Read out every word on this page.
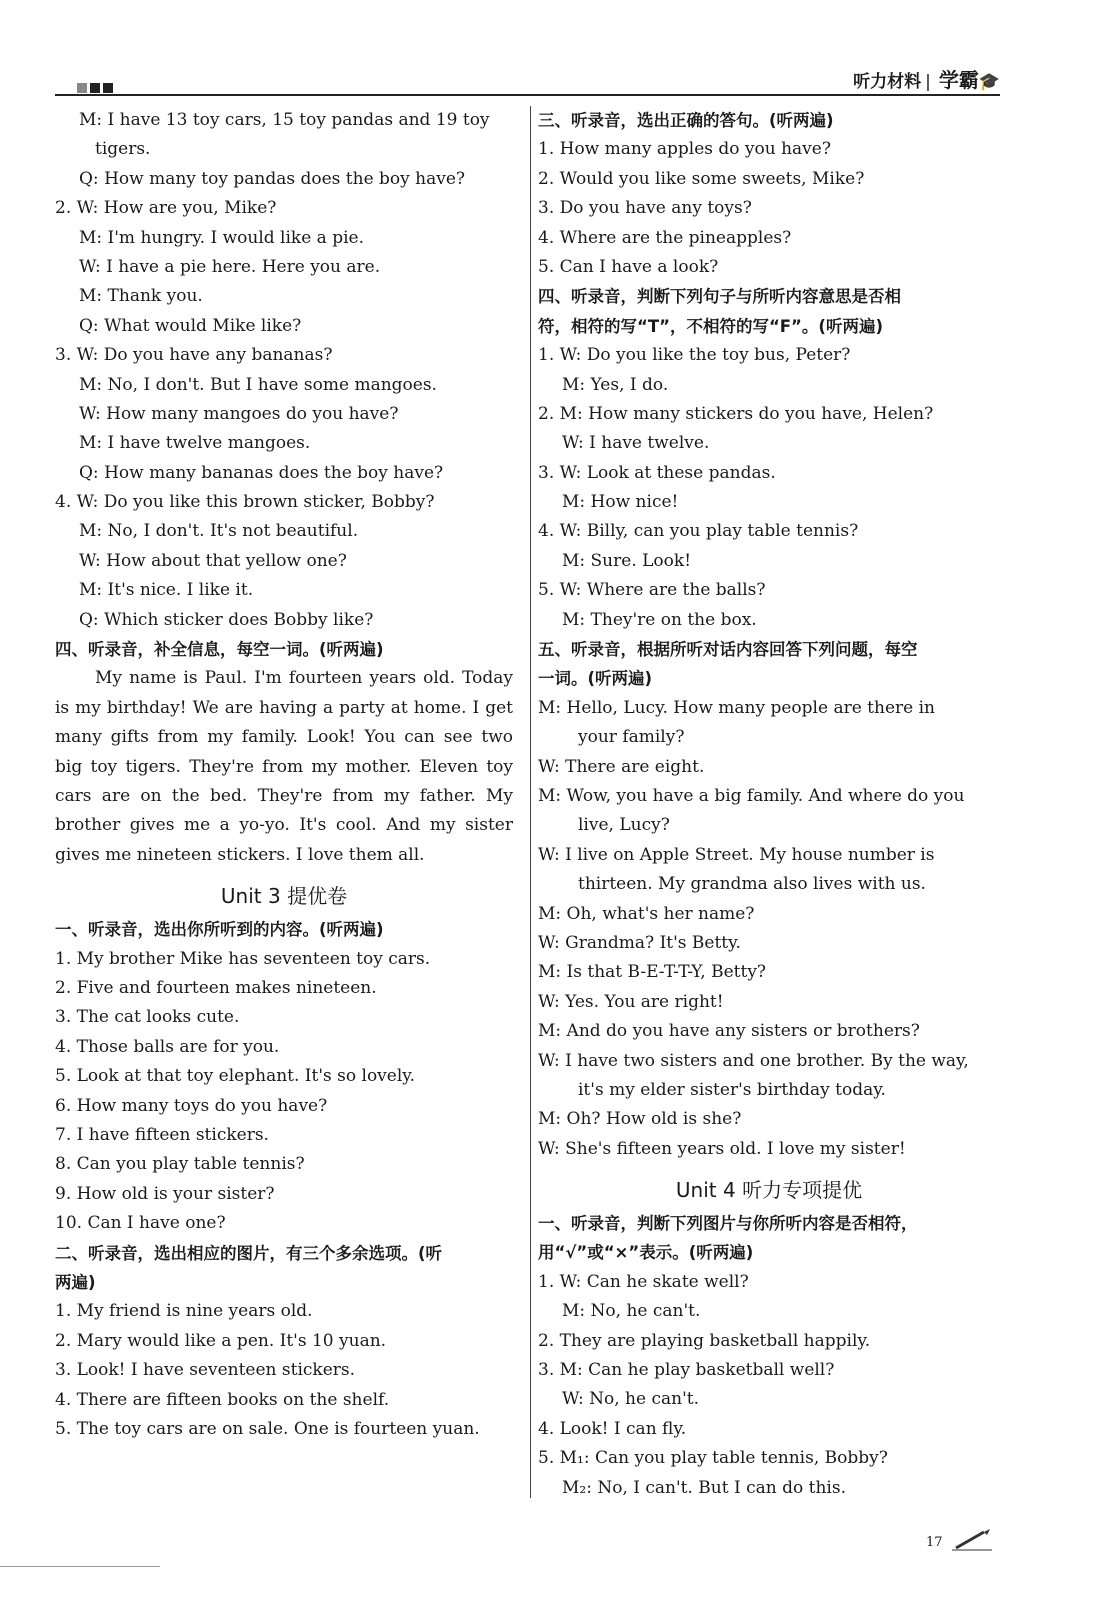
听力材料 | 学霸🎓
M: I have 13 toy cars, 15 toy pandas and 19 toy
tigers.
Q: How many toy pandas does the boy have?
2. W: How are you, Mike?
M: I'm hungry. I would like a pie.
W: I have a pie here. Here you are.
M: Thank you.
Q: What would Mike like?
3. W: Do you have any bananas?
M: No, I don't. But I have some mangoes.
W: How many mangoes do you have?
M: I have twelve mangoes.
Q: How many bananas does the boy have?
4. W: Do you like this brown sticker, Bobby?
M: No, I don't. It's not beautiful.
W: How about that yellow one?
M: It's nice. I like it.
Q: Which sticker does Bobby like?
四、听录音，补全信息，每空一词。(听两遍)
My name is Paul. I'm fourteen years old. Today is my birthday! We are having a party at home. I get many gifts from my family. Look! You can see two big toy tigers. They're from my mother. Eleven toy cars are on the bed. They're from my father. My brother gives me a yo-yo. It's cool. And my sister gives me nineteen stickers. I love them all.
Unit 3 提优卷
一、听录音，选出你所听到的内容。(听两遍)
1. My brother Mike has seventeen toy cars.
2. Five and fourteen makes nineteen.
3. The cat looks cute.
4. Those balls are for you.
5. Look at that toy elephant. It's so lovely.
6. How many toys do you have?
7. I have fifteen stickers.
8. Can you play table tennis?
9. How old is your sister?
10. Can I have one?
二、听录音，选出相应的图片，有三个多余选项。(听
两遍)
1. My friend is nine years old.
2. Mary would like a pen. It's 10 yuan.
3. Look! I have seventeen stickers.
4. There are fifteen books on the shelf.
5. The toy cars are on sale. One is fourteen yuan.
三、听录音，选出正确的答句。(听两遍)
1. How many apples do you have?
2. Would you like some sweets, Mike?
3. Do you have any toys?
4. Where are the pineapples?
5. Can I have a look?
四、听录音，判断下列句子与所听内容意思是否相
符，相符的写“T”，不相符的写“F”。(听两遍)
1. W: Do you like the toy bus, Peter?
M: Yes, I do.
2. M: How many stickers do you have, Helen?
W: I have twelve.
3. W: Look at these pandas.
M: How nice!
4. W: Billy, can you play table tennis?
M: Sure. Look!
5. W: Where are the balls?
M: They're on the box.
五、听录音，根据所听对话内容回答下列问题，每空
一词。(听两遍)
M: Hello, Lucy. How many people are there in
your family?
W: There are eight.
M: Wow, you have a big family. And where do you
live, Lucy?
W: I live on Apple Street. My house number is
thirteen. My grandma also lives with us.
M: Oh, what's her name?
W: Grandma? It's Betty.
M: Is that B-E-T-T-Y, Betty?
W: Yes. You are right!
M: And do you have any sisters or brothers?
W: I have two sisters and one brother. By the way,
it's my elder sister's birthday today.
M: Oh? How old is she?
W: She's fifteen years old. I love my sister!
Unit 4 听力专项提优
一、听录音，判断下列图片与你所听内容是否相符，
用“√”或“×”表示。(听两遍)
1. W: Can he skate well?
M: No, he can't.
2. They are playing basketball happily.
3. M: Can he play basketball well?
W: No, he can't.
4. Look! I can fly.
5. M₁: Can you play table tennis, Bobby?
M₂: No, I can't. But I can do this.
17
